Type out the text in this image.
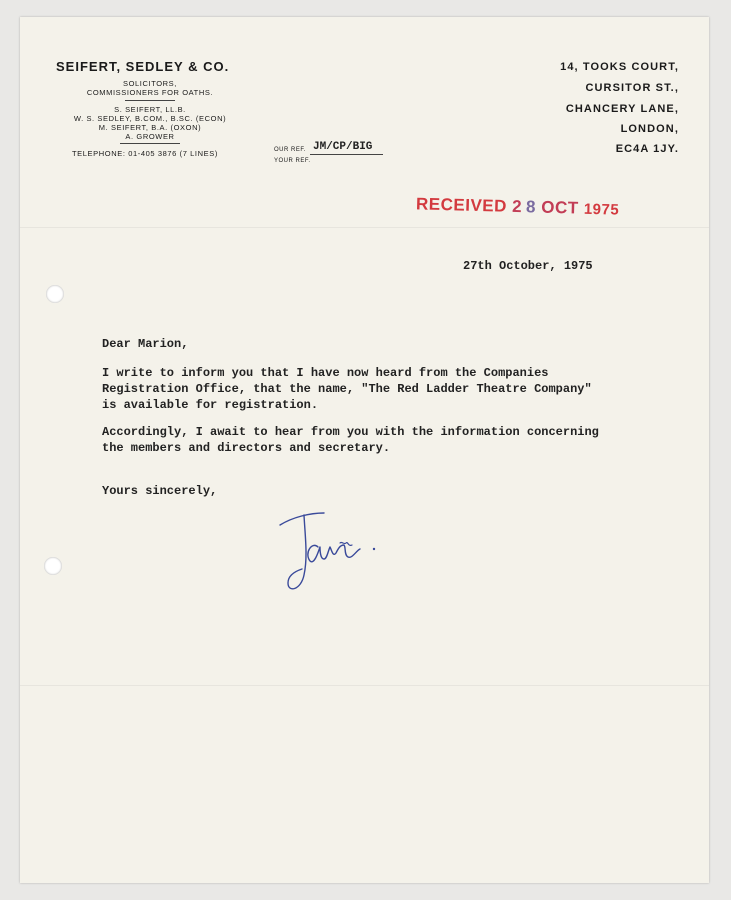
SEIFERT, SEDLEY & CO.
SOLICITORS,
COMMISSIONERS FOR OATHS.
S. SEIFERT, LL.B.
W. S. SEDLEY, B.COM., B.SC. (ECON)
M. SEIFERT, B.A. (OXON)
A. GROWER
TELEPHONE: 01-405 3876 (7 LINES)	OUR REF. JM/CP/BIG
YOUR REF.
14, TOOKS COURT,
CURSITOR ST.,
CHANCERY LANE,
LONDON,
EC4A 1JY.
RECEIVED 2  8 OCT 1975
27th October, 1975
Dear Marion,
I write to inform you that I have now heard from the Companies
Registration Office, that the name, "The Red Ladder Theatre Company"
is available for registration.
Accordingly, I await to hear from you with the information concerning
the members and directors and secretary.
Yours sincerely,
